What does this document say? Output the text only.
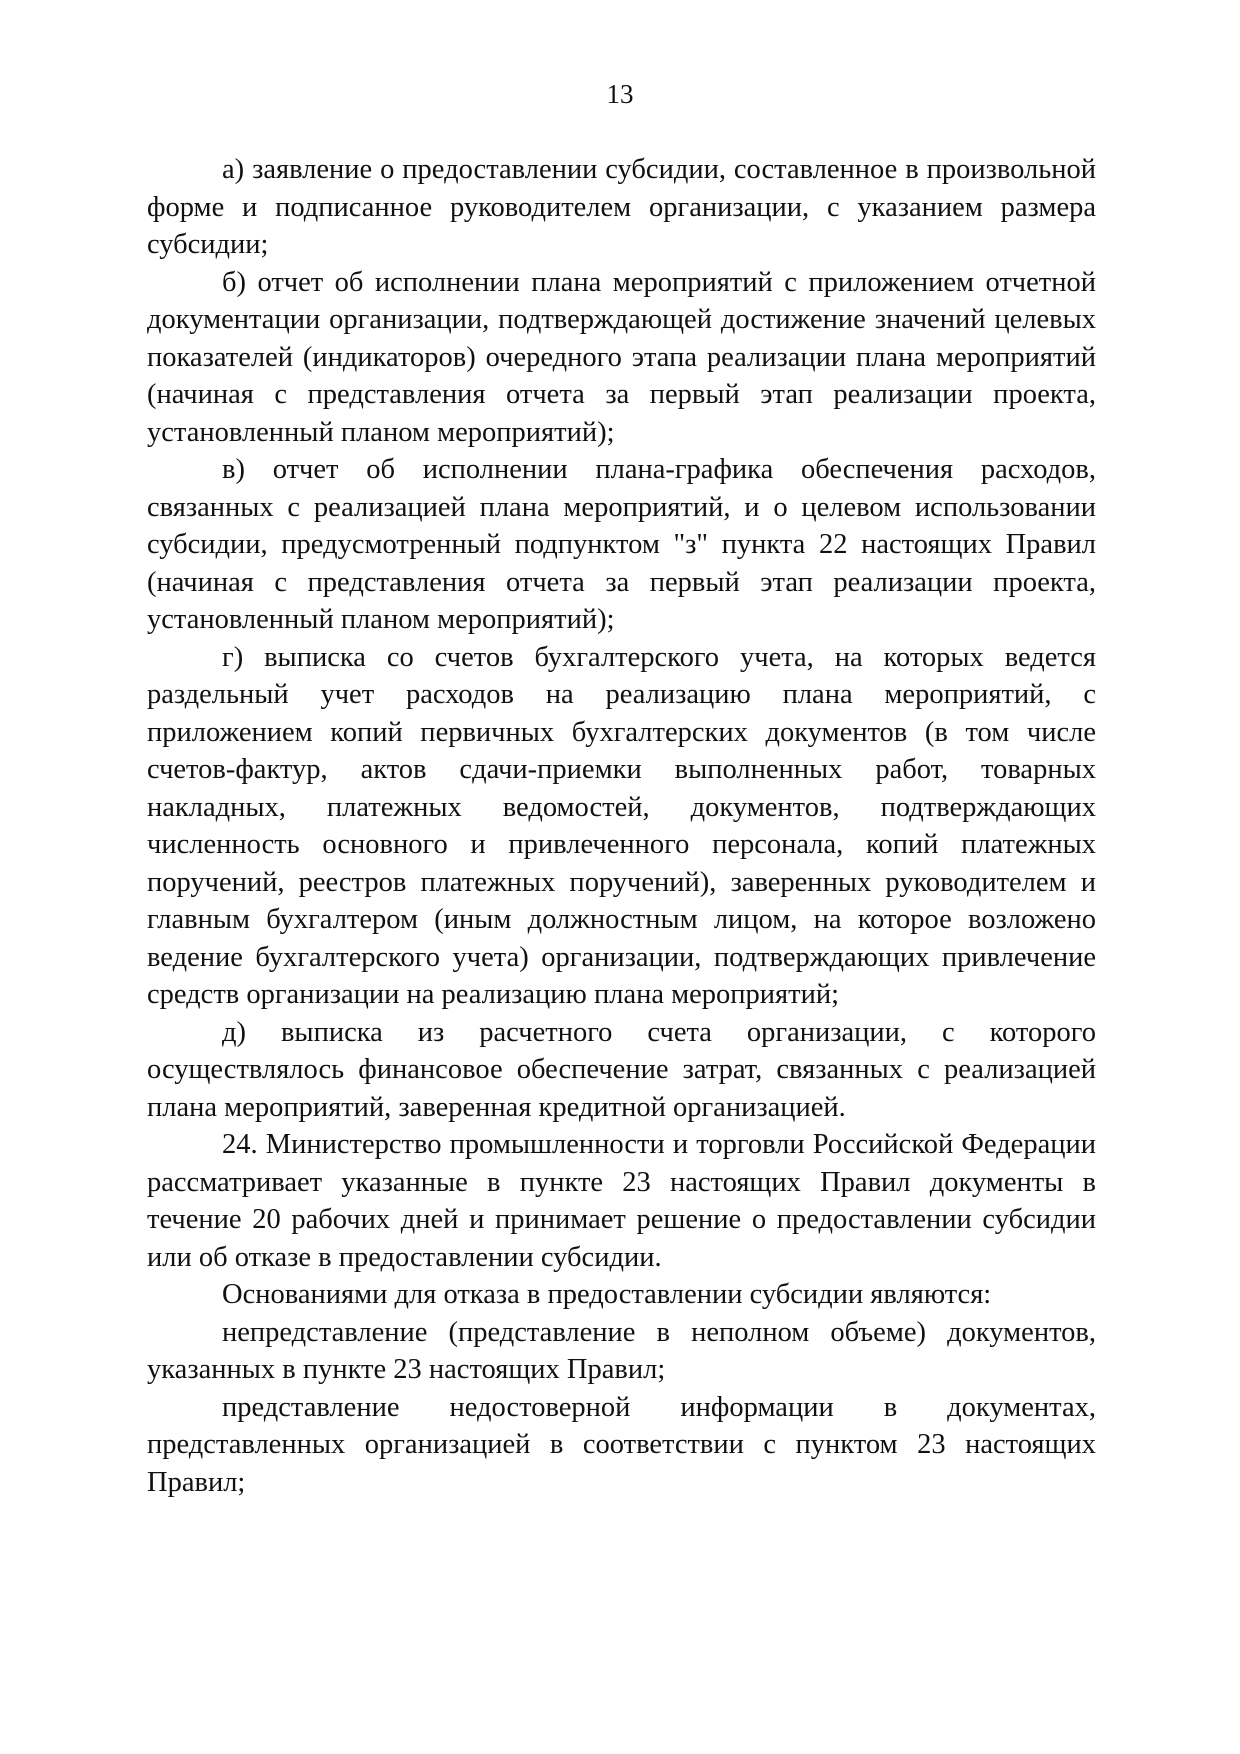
13

а) заявление о предоставлении субсидии, составленное в произвольной форме и подписанное руководителем организации, с указанием размера субсидии;

б) отчет об исполнении плана мероприятий с приложением отчетной документации организации, подтверждающей достижение значений целевых показателей (индикаторов) очередного этапа реализации плана мероприятий (начиная с представления отчета за первый этап реализации проекта, установленный планом мероприятий);

в) отчет об исполнении плана-графика обеспечения расходов, связанных с реализацией плана мероприятий, и о целевом использовании субсидии, предусмотренный подпунктом "з" пункта 22 настоящих Правил (начиная с представления отчета за первый этап реализации проекта, установленный планом мероприятий);

г) выписка со счетов бухгалтерского учета, на которых ведется раздельный учет расходов на реализацию плана мероприятий, с приложением копий первичных бухгалтерских документов (в том числе счетов-фактур, актов сдачи-приемки выполненных работ, товарных накладных, платежных ведомостей, документов, подтверждающих численность основного и привлеченного персонала, копий платежных поручений, реестров платежных поручений), заверенных руководителем и главным бухгалтером (иным должностным лицом, на которое возложено ведение бухгалтерского учета) организации, подтверждающих привлечение средств организации на реализацию плана мероприятий;

д) выписка из расчетного счета организации, с которого осуществлялось финансовое обеспечение затрат, связанных с реализацией плана мероприятий, заверенная кредитной организацией.

24. Министерство промышленности и торговли Российской Федерации рассматривает указанные в пункте 23 настоящих Правил документы в течение 20 рабочих дней и принимает решение о предоставлении субсидии или об отказе в предоставлении субсидии.

Основаниями для отказа в предоставлении субсидии являются:

непредставление (представление в неполном объеме) документов, указанных в пункте 23 настоящих Правил;

представление недостоверной информации в документах, представленных организацией в соответствии с пунктом 23 настоящих Правил;
